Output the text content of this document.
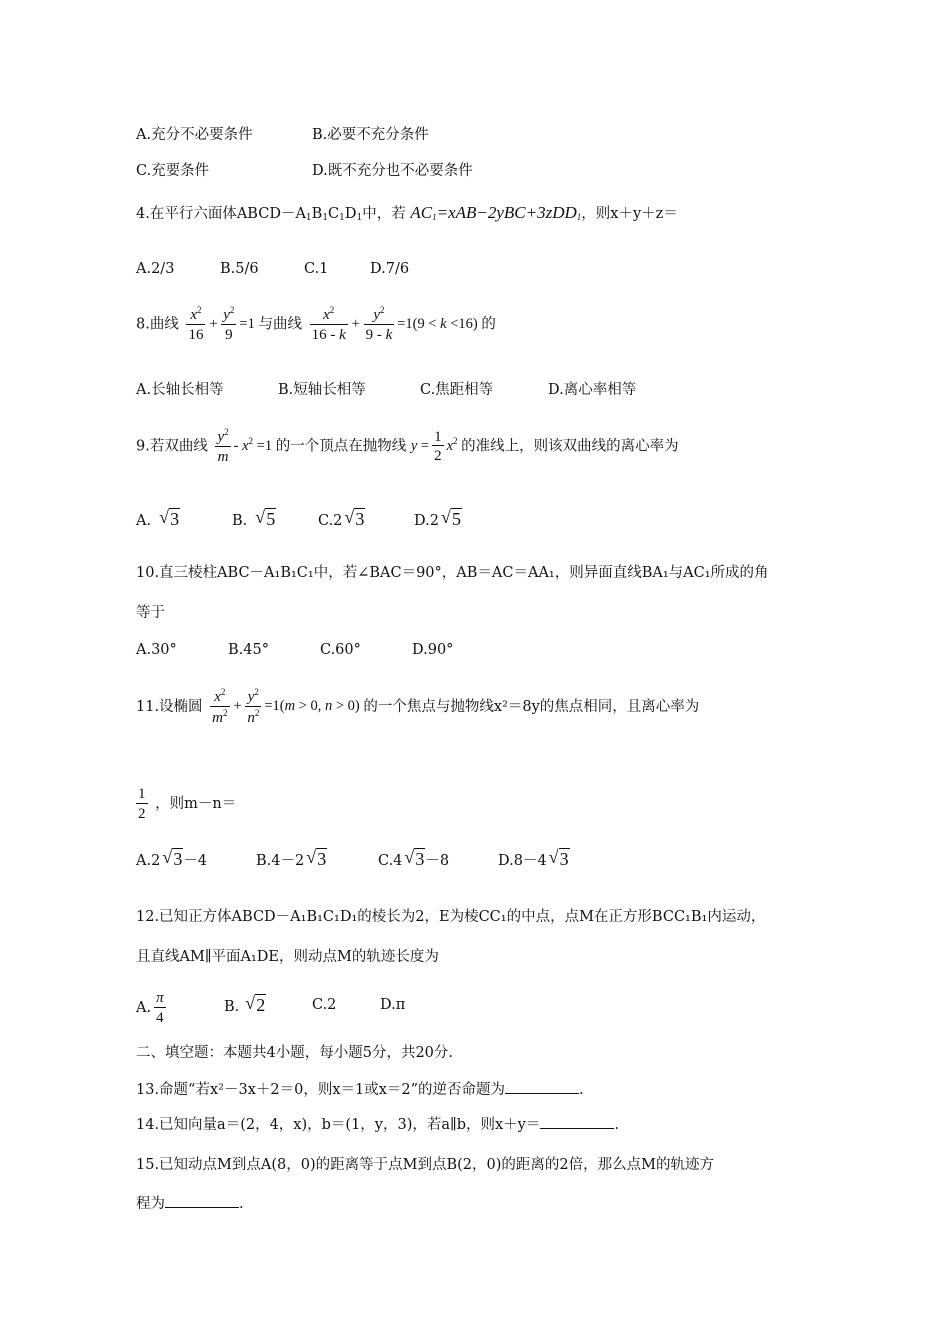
A.充分不必要条件	B.必要不充分条件
C.充要条件	D.既不充分也不必要条件
4.在平行六面体$ABCD-A_1B_1C_1D_1$中，若 $AC_1=xAB-2yBC+3zDD_1$，则x＋y＋z＝
A.2/3	B.5/6	C.1	D.7/6
8.曲线 $\frac{x^2}{16} + \frac{y^2}{9} =1$ 与曲线 $\frac{x^2}{16 - k} + \frac{y^2}{9 - k} =1(9 < k <16)$ 的
A.长轴长相等	B.短轴长相等	C.焦距相等	D.离心率相等
9.若双曲线 $\frac{y^2}{m} - x^2 =1$ 的一个顶点在抛物线 $y = \frac{1}{2} x^2$ 的准线上，则该双曲线的离心率为
A. √ 3	B. √ 5	C.2 √ 3	D.2 √ 5
10.直三棱柱ABC－A₁B₁C₁中，若∠BAC＝90°，AB＝AC＝AA₁，则异面直线BA₁与AC₁所成的角
等于
A.30°	B.45°	C.60°	D.90°
11.设椭圆 $\frac{x^2}{m^2} + \frac{y^2}{n^2} =1(m > 0$, n > 0) 的一个焦点与抛物线x²＝8y的焦点相同，且离心率为
$\frac{1}{2}$ ，则m－n＝
A.2 √ 3－4	B.4－2 √ 3	C.4 √ 3－8	D.8－4 √ 3
12.已知正方体ABCD－A₁B₁C₁D₁的棱长为2，E为棱CC₁的中点，点M在正方形BCC₁B₁内运动，
且直线AM∥平面A₁DE，则动点M的轨迹长度为
A. $\frac{\pi}{4}$	B. √ 2	C.2	D.π
二、填空题：本题共4小题，每小题5分，共20分.
13.命题“若x²－3x＋2＝0，则x＝1或x＝2”的逆否命题为	.
14.已知向量a＝(2，4，x)，b＝(1，y，3)，若a∥b，则x＋y＝	.
15.已知动点M到点A(8，0)的距离等于点M到点B(2，0)的距离的2倍，那么点M的轨迹方
程为	.
